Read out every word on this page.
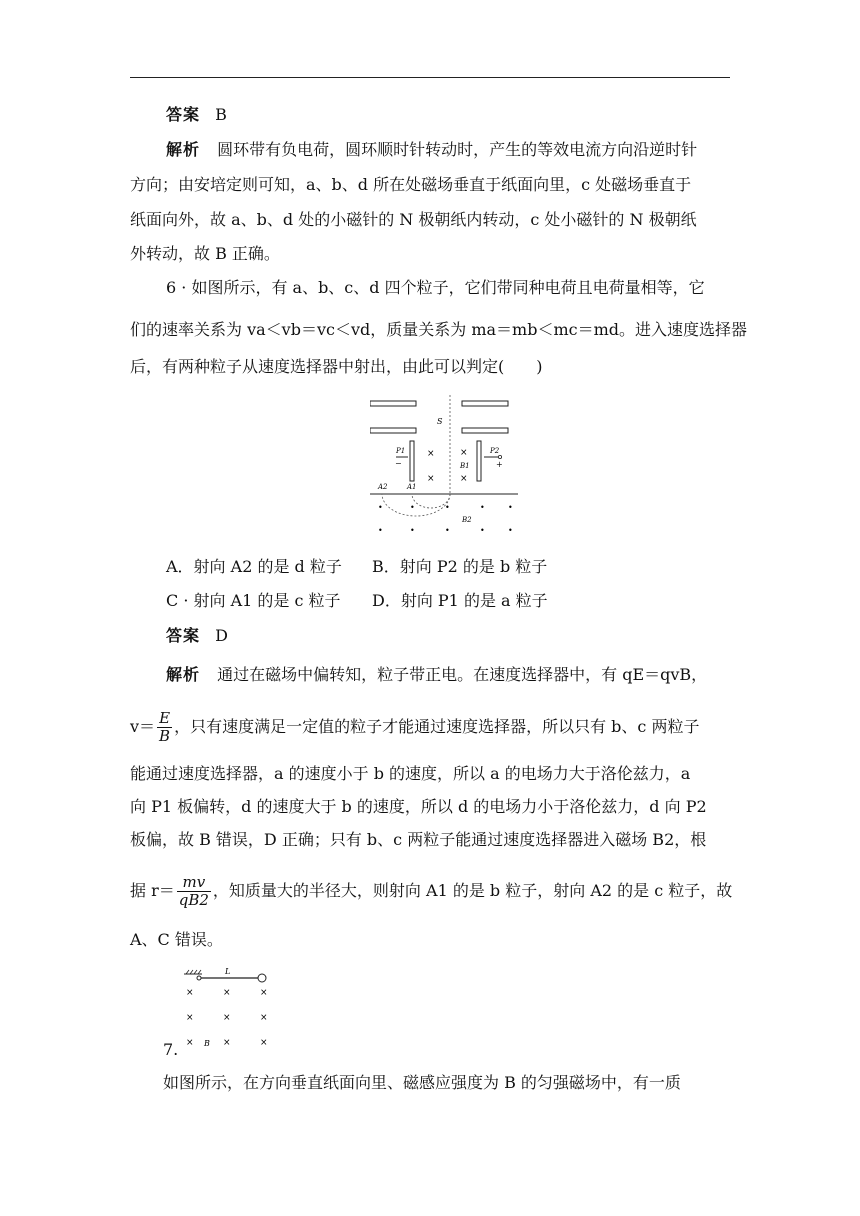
答案 B
解析 圆环带有负电荷，圆环顺时针转动时，产生的等效电流方向沿逆时针
方向；由安培定则可知，a、b、d 所在处磁场垂直于纸面向里，c 处磁场垂直于
纸面向外，故 a、b、d 处的小磁针的 N 极朝纸内转动，c 处小磁针的 N 极朝纸
外转动，故 B 正确。
6 · 如图所示，有 a、b、c、d 四个粒子，它们带同种电荷且电荷量相等，它
们的速率关系为 va＜vb＝vc＜vd，质量关系为 ma＝mb＜mc＝md。进入速度选择器
后，有两种粒子从速度选择器中射出，由此可以判定(　　)
S
P1
−
×
×
×
B1
×
P2
+
A2	A1
•	•	•	•	•
•	•	•	•	•
B2
A．射向 A2 的是 d 粒子 B．射向 P2 的是 b 粒子
C · 射向 A1 的是 c 粒子 D．射向 P1 的是 a 粒子
答案 D
解析 通过在磁场中偏转知，粒子带正电。在速度选择器中，有 qE＝qvB，
$v= \frac{E}{B}$ ，只有速度满足一定值的粒子才能通过速度选择器，所以只有 b、c 两粒子
能通过速度选择器，a 的速度小于 b 的速度，所以 a 的电场力大于洛伦兹力，a
向 P1 板偏转，d 的速度大于 b 的速度，所以 d 的电场力小于洛伦兹力，d 向 P2
板偏，故 B 错误，D 正确；只有 b、c 两粒子能通过速度选择器进入磁场 B2，根
据 $r= \frac{mv}{qB2}$ ，知质量大的半径大，则射向 A1 的是 b 粒子，射向 A2 的是 c 粒子，故
A、C 错误。
L
×	×	×
×	×	×
×	×	×
B
7.
如图所示，在方向垂直纸面向里、磁感应强度为 B 的匀强磁场中，有一质
